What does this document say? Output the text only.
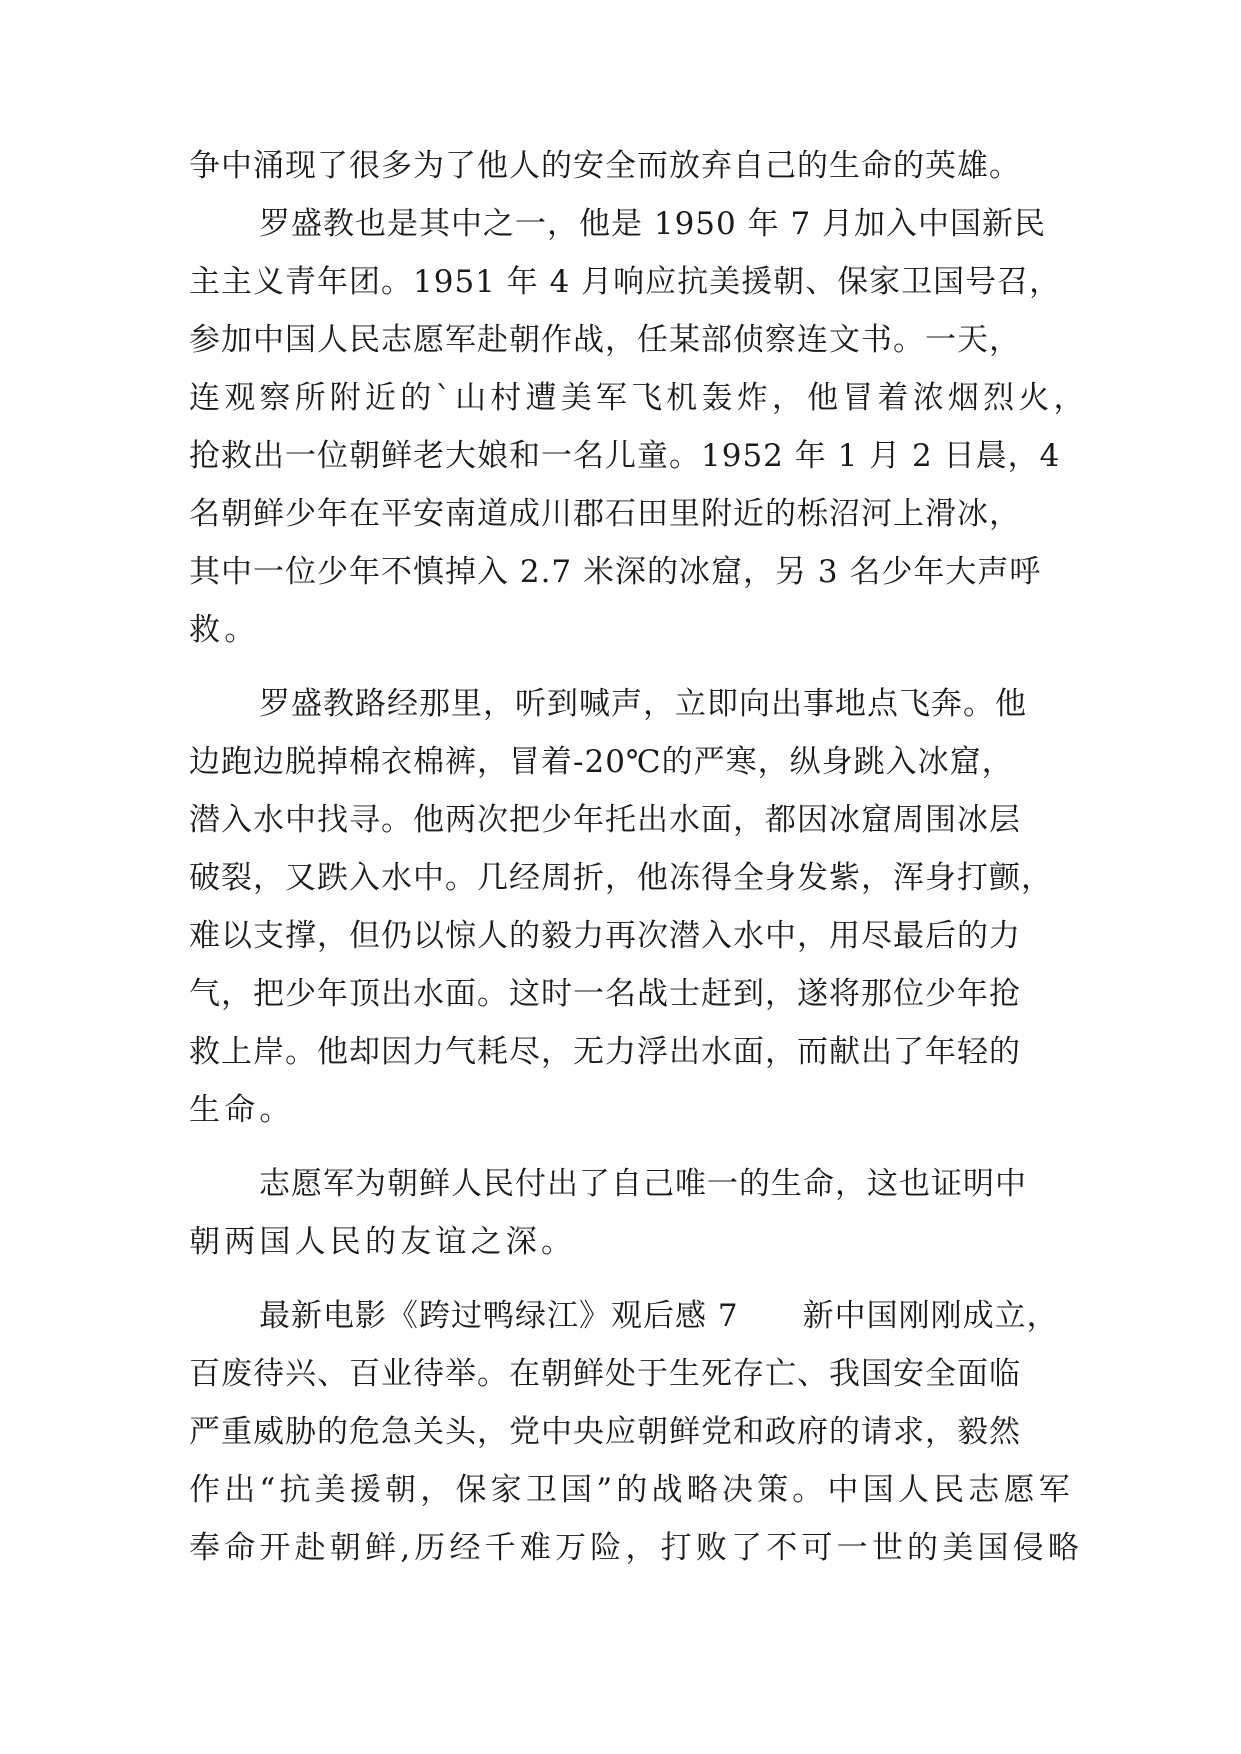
争中涌现了很多为了他人的安全而放弃自己的生命的英雄。
罗盛教也是其中之一，他是 1950 年 7 月加入中国新民
主主义青年团。1951 年 4 月响应抗美援朝、保家卫国号召，
参加中国人民志愿军赴朝作战，任某部侦察连文书。一天，
连观察所附近的`山村遭美军飞机轰炸，他冒着浓烟烈火，
抢救出一位朝鲜老大娘和一名儿童。1952 年 1 月 2 日晨，4
名朝鲜少年在平安南道成川郡石田里附近的栎沼河上滑冰，
其中一位少年不慎掉入 2.7 米深的冰窟，另 3 名少年大声呼
救。
罗盛教路经那里，听到喊声，立即向出事地点飞奔。他
边跑边脱掉棉衣棉裤，冒着-20℃的严寒，纵身跳入冰窟，
潜入水中找寻。他两次把少年托出水面，都因冰窟周围冰层
破裂，又跌入水中。几经周折，他冻得全身发紫，浑身打颤，
难以支撑，但仍以惊人的毅力再次潜入水中，用尽最后的力
气，把少年顶出水面。这时一名战士赶到，遂将那位少年抢
救上岸。他却因力气耗尽，无力浮出水面，而献出了年轻的
生命。
志愿军为朝鲜人民付出了自己唯一的生命，这也证明中
朝两国人民的友谊之深。
最新电影《跨过鸭绿江》观后感 7　　新中国刚刚成立，
百废待兴、百业待举。在朝鲜处于生死存亡、我国安全面临
严重威胁的危急关头，党中央应朝鲜党和政府的请求，毅然
作出“抗美援朝，保家卫国”的战略决策。中国人民志愿军
奉命开赴朝鲜,历经千难万险，打败了不可一世的美国侵略
